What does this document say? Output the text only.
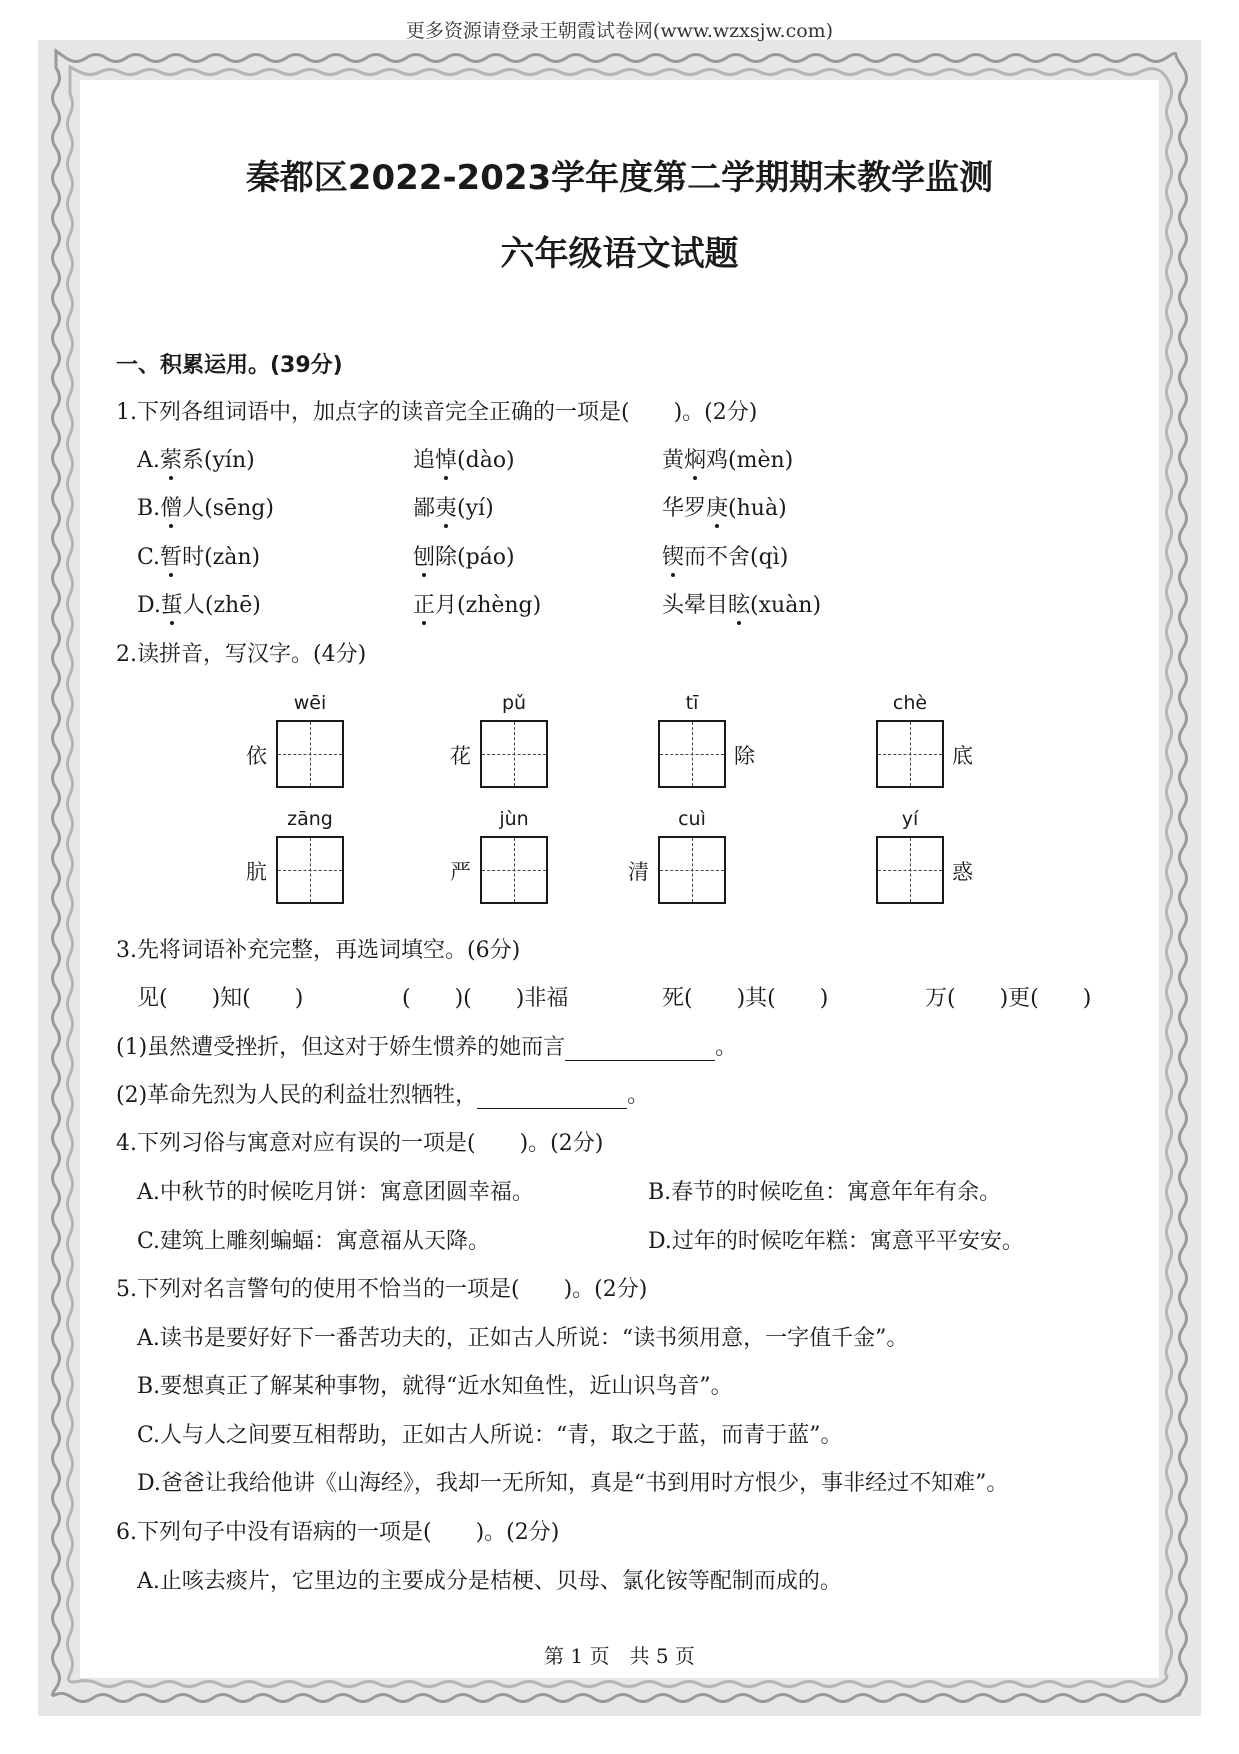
更多资源请登录王朝霞试卷网(www.wzxsjw.com)
秦都区2022-2023学年度第二学期期末教学监测
六年级语文试题
一、积累运用。(39分)
1.下列各组词语中，加点字的读音完全正确的一项是(　　)。(2分)
A.萦系(yín)	追悼(dào)	黄焖鸡(mèn)
B.僧人(sēng)	鄙夷(yí)	华罗庚(huà)
C.暂时(zàn)	刨除(páo)	锲而不舍(qì)
D.蜇人(zhē)	正月(zhèng)	头晕目眩(xuàn)
2.读拼音，写汉字。(4分)
wēi
依
pǔ
花
tī
除
chè
底
zāng
肮
jùn
严
cuì
清
yí
惑
3.先将词语补充完整，再选词填空。(6分)
见(　　)知(　　)	(　　)(　　)非福	死(　　)其(　　)	万(　　)更(　　)
(1)虽然遭受挫折，但这对于娇生惯养的她而言	。
(2)革命先烈为人民的利益壮烈牺牲，	。
4.下列习俗与寓意对应有误的一项是(　　)。(2分)
A.中秋节的时候吃月饼：寓意团圆幸福。	B.春节的时候吃鱼：寓意年年有余。
C.建筑上雕刻蝙蝠：寓意福从天降。	D.过年的时候吃年糕：寓意平平安安。
5.下列对名言警句的使用不恰当的一项是(　　)。(2分)
A.读书是要好好下一番苦功夫的，正如古人所说：“读书须用意，一字值千金”。
B.要想真正了解某种事物，就得“近水知鱼性，近山识鸟音”。
C.人与人之间要互相帮助，正如古人所说：“青，取之于蓝，而青于蓝”。
D.爸爸让我给他讲《山海经》，我却一无所知，真是“书到用时方恨少，事非经过不知难”。
6.下列句子中没有语病的一项是(　　)。(2分)
A.止咳去痰片，它里边的主要成分是桔梗、贝母、氯化铵等配制而成的。
第 1 页　共 5 页
